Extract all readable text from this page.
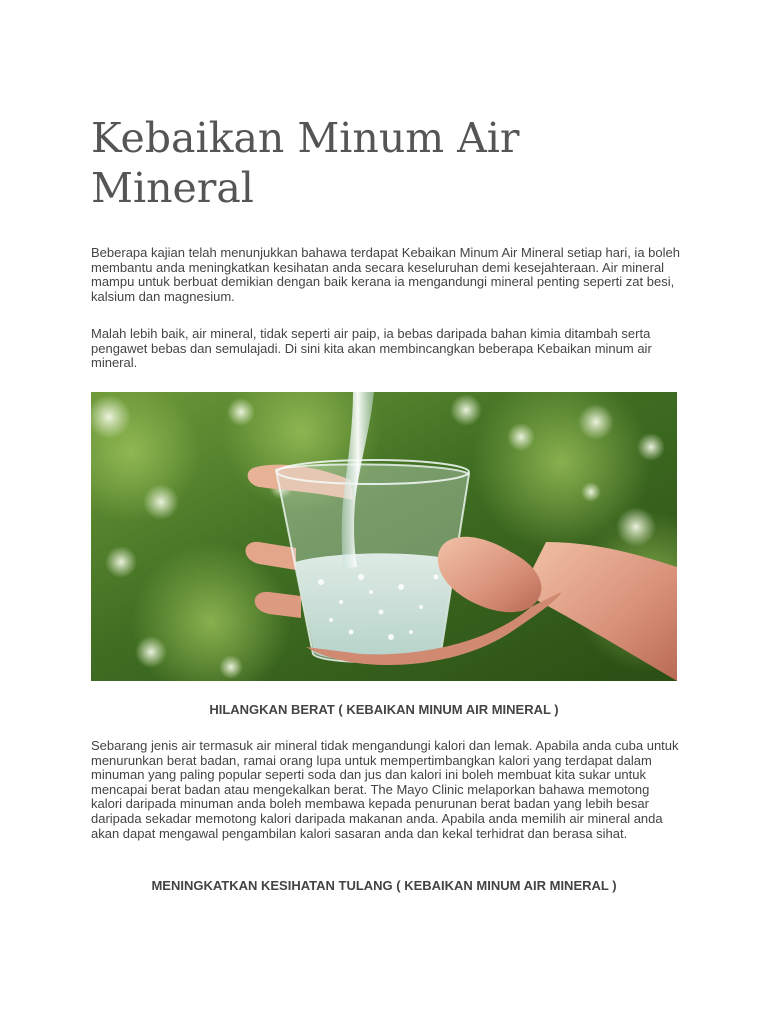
Kebaikan Minum Air Mineral

Beberapa kajian telah menunjukkan bahawa terdapat Kebaikan Minum Air Mineral setiap hari, ia boleh membantu anda meningkatkan kesihatan anda secara keseluruhan demi kesejahteraan. Air mineral mampu untuk berbuat demikian dengan baik kerana ia mengandungi mineral penting seperti zat besi, kalsium dan magnesium.

Malah lebih baik, air mineral, tidak seperti air paip, ia bebas daripada bahan kimia ditambah serta pengawet bebas dan semulajadi. Di sini kita akan membincangkan beberapa Kebaikan minum air mineral.

HILANGKAN BERAT ( KEBAIKAN MINUM AIR MINERAL )

Sebarang jenis air termasuk air mineral tidak mengandungi kalori dan lemak. Apabila anda cuba untuk menurunkan berat badan, ramai orang lupa untuk mempertimbangkan kalori yang terdapat dalam minuman yang paling popular seperti soda dan jus dan kalori ini boleh membuat kita sukar untuk mencapai berat badan atau mengekalkan berat. The Mayo Clinic melaporkan bahawa memotong kalori daripada minuman anda boleh membawa kepada penurunan berat badan yang lebih besar daripada sekadar memotong kalori daripada makanan anda. Apabila anda memilih air mineral anda akan dapat mengawal pengambilan kalori sasaran anda dan kekal terhidrat dan berasa sihat.

MENINGKATKAN KESIHATAN TULANG ( KEBAIKAN MINUM AIR MINERAL )
